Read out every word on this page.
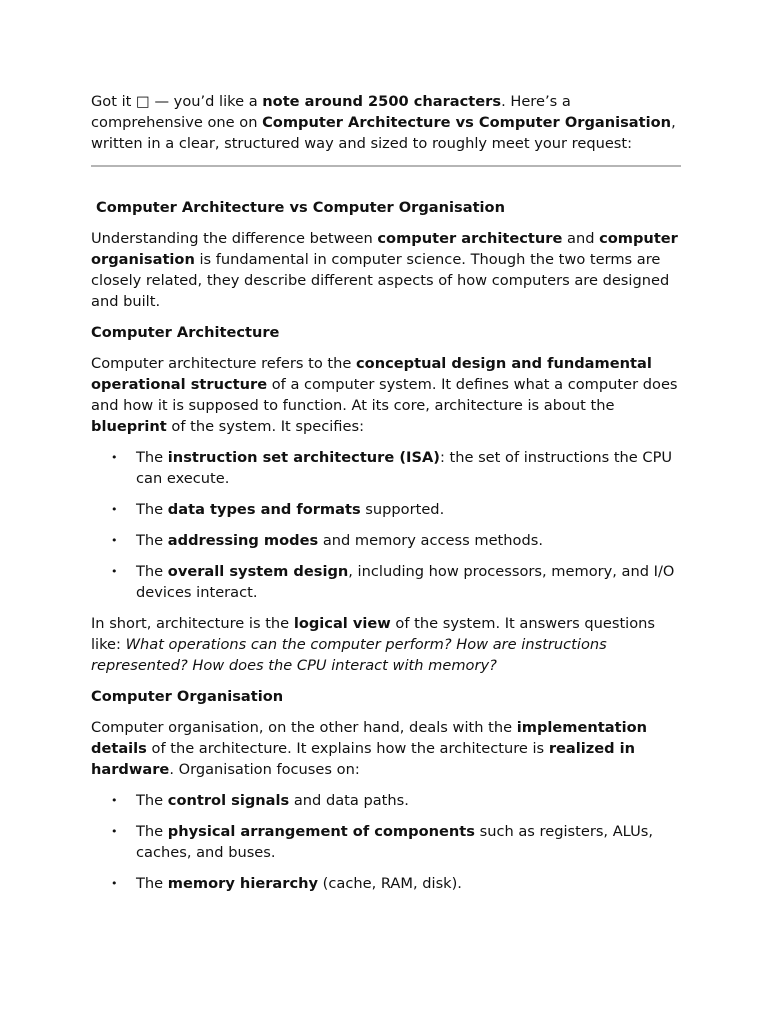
Got it □ — you’d like a note around 2500 characters. Here’s a comprehensive one on Computer Architecture vs Computer Organisation, written in a clear, structured way and sized to roughly meet your request:

Computer Architecture vs Computer Organisation

Understanding the difference between computer architecture and computer organisation is fundamental in computer science. Though the two terms are closely related, they describe different aspects of how computers are designed and built.

Computer Architecture

Computer architecture refers to the conceptual design and fundamental operational structure of a computer system. It defines what a computer does and how it is supposed to function. At its core, architecture is about the blueprint of the system. It specifies:

• The instruction set architecture (ISA): the set of instructions the CPU can execute.
• The data types and formats supported.
• The addressing modes and memory access methods.
• The overall system design, including how processors, memory, and I/O devices interact.

In short, architecture is the logical view of the system. It answers questions like: What operations can the computer perform? How are instructions represented? How does the CPU interact with memory?

Computer Organisation

Computer organisation, on the other hand, deals with the implementation details of the architecture. It explains how the architecture is realized in hardware. Organisation focuses on:

• The control signals and data paths.
• The physical arrangement of components such as registers, ALUs, caches, and buses.
• The memory hierarchy (cache, RAM, disk).
